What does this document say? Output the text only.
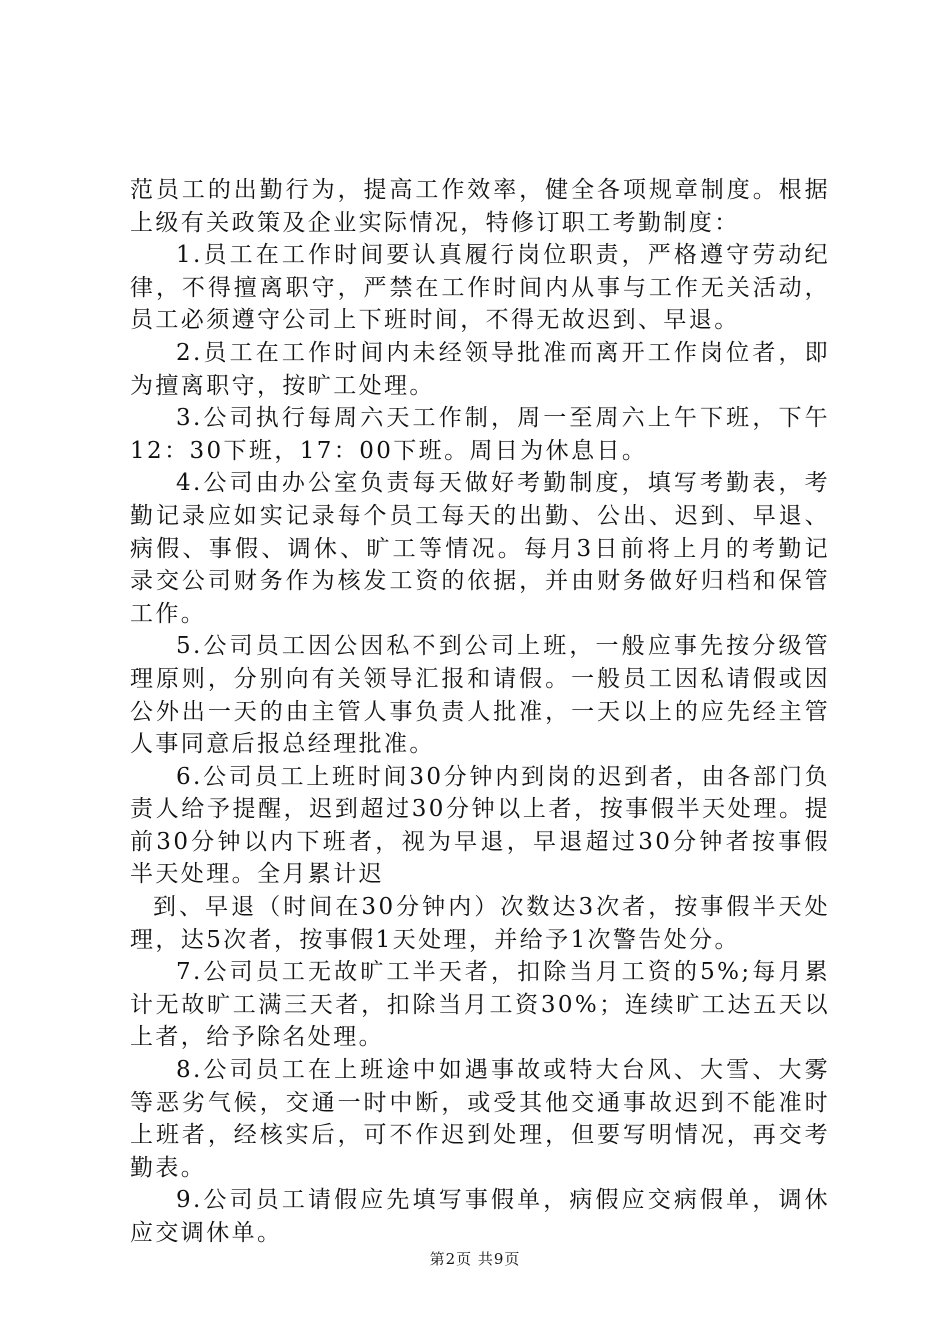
范员工的出勤行为，提高工作效率，健全各项规章制度。根据上级有关政策及企业实际情况，特修订职工考勤制度：

1.员工在工作时间要认真履行岗位职责，严格遵守劳动纪律，不得擅离职守，严禁在工作时间内从事与工作无关活动，员工必须遵守公司上下班时间，不得无故迟到、早退。

2.员工在工作时间内未经领导批准而离开工作岗位者，即为擅离职守，按旷工处理。

3.公司执行每周六天工作制，周一至周六上午下班，下午12：30下班，17：00下班。周日为休息日。

4.公司由办公室负责每天做好考勤制度，填写考勤表，考勤记录应如实记录每个员工每天的出勤、公出、迟到、早退、病假、事假、调休、旷工等情况。每月3日前将上月的考勤记录交公司财务作为核发工资的依据，并由财务做好归档和保管工作。

5.公司员工因公因私不到公司上班，一般应事先按分级管理原则，分别向有关领导汇报和请假。一般员工因私请假或因公外出一天的由主管人事负责人批准，一天以上的应先经主管人事同意后报总经理批准。

6.公司员工上班时间30分钟内到岗的迟到者，由各部门负责人给予提醒，迟到超过30分钟以上者，按事假半天处理。提前30分钟以内下班者，视为早退，早退超过30分钟者按事假半天处理。全月累计迟

到、早退（时间在30分钟内）次数达3次者，按事假半天处理，达5次者，按事假1天处理，并给予1次警告处分。

7.公司员工无故旷工半天者，扣除当月工资的5%;每月累计无故旷工满三天者，扣除当月工资30%；连续旷工达五天以上者，给予除名处理。

8.公司员工在上班途中如遇事故或特大台风、大雪、大雾等恶劣气候，交通一时中断，或受其他交通事故迟到不能准时上班者，经核实后，可不作迟到处理，但要写明情况，再交考勤表。

9.公司员工请假应先填写事假单，病假应交病假单，调休应交调休单。

第2页 共9页
